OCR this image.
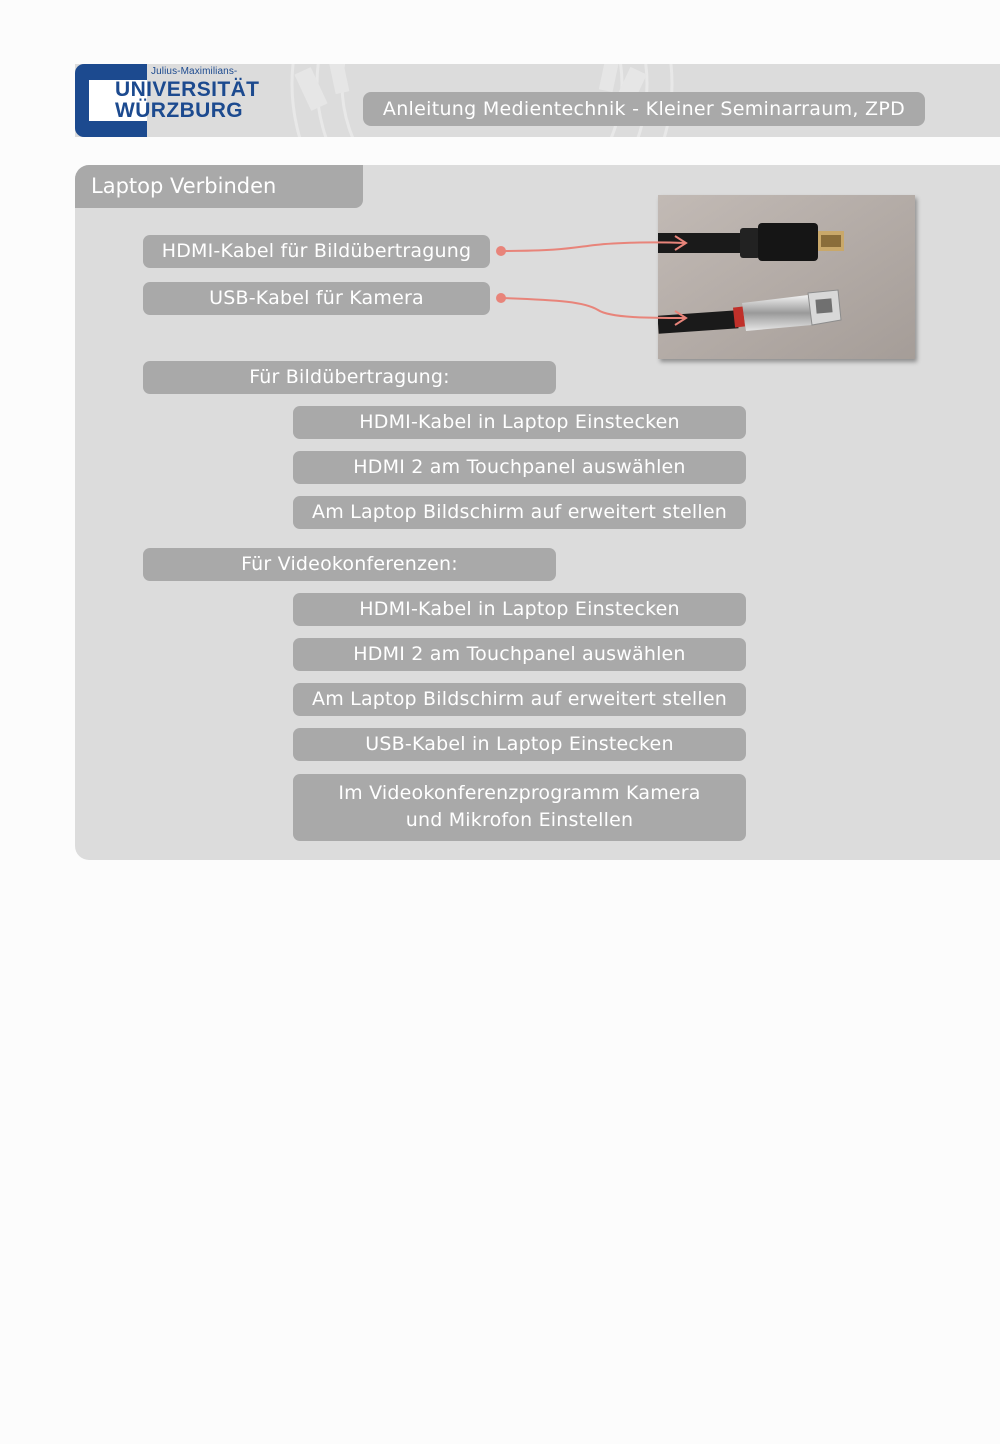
Julius-Maximilians-
UNIVERSITÄT
WÜRZBURG	Anleitung Medientechnik - Kleiner Seminarraum, ZPD
Laptop Verbinden
HDMI-Kabel für Bildübertragung
USB-Kabel für Kamera
Für Bildübertragung:
HDMI-Kabel in Laptop Einstecken
HDMI 2 am Touchpanel auswählen
Am Laptop Bildschirm auf erweitert stellen
Für Videokonferenzen:
HDMI-Kabel in Laptop Einstecken
HDMI 2 am Touchpanel auswählen
Am Laptop Bildschirm auf erweitert stellen
USB-Kabel in Laptop Einstecken
Im Videokonferenzprogramm Kamera
und Mikrofon Einstellen
